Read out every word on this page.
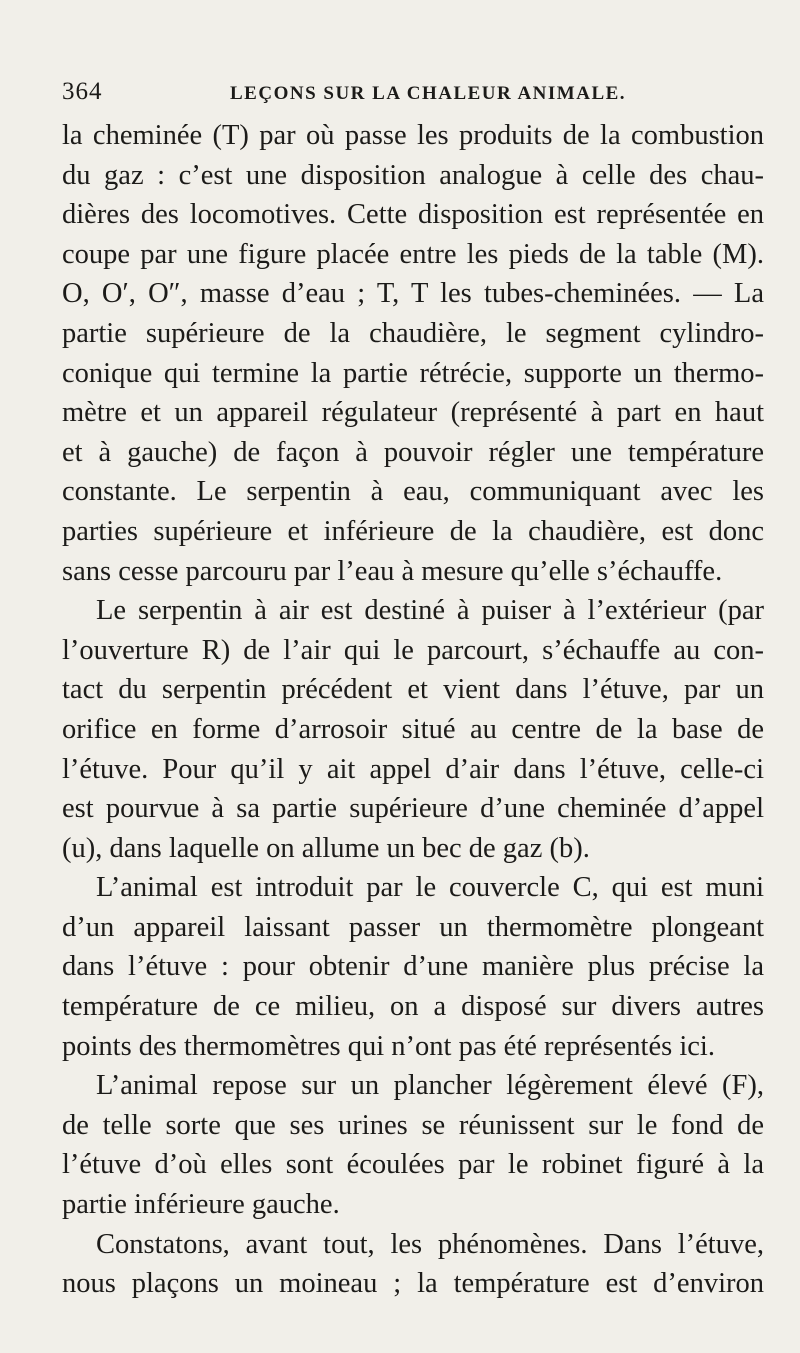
364	LEÇONS SUR LA CHALEUR ANIMALE.
la cheminée (T) par où passe les produits de la combustion
du gaz : c’est une disposition analogue à celle des chau-
dières des locomotives. Cette disposition est représentée en
coupe par une figure placée entre les pieds de la table (M).
O, O′, O″, masse d’eau ; T, T les tubes-cheminées. — La
partie supérieure de la chaudière, le segment cylindro-
conique qui termine la partie rétrécie, supporte un thermo-
mètre et un appareil régulateur (représenté à part en haut
et à gauche) de façon à pouvoir régler une température
constante. Le serpentin à eau, communiquant avec les
parties supérieure et inférieure de la chaudière, est donc
sans cesse parcouru par l’eau à mesure qu’elle s’échauffe.
Le serpentin à air est destiné à puiser à l’extérieur (par
l’ouverture R) de l’air qui le parcourt, s’échauffe au con-
tact du serpentin précédent et vient dans l’étuve, par un
orifice en forme d’arrosoir situé au centre de la base de
l’étuve. Pour qu’il y ait appel d’air dans l’étuve, celle-ci
est pourvue à sa partie supérieure d’une cheminée d’appel
(u), dans laquelle on allume un bec de gaz (b).
L’animal est introduit par le couvercle C, qui est muni
d’un appareil laissant passer un thermomètre plongeant
dans l’étuve : pour obtenir d’une manière plus précise la
température de ce milieu, on a disposé sur divers autres
points des thermomètres qui n’ont pas été représentés ici.
L’animal repose sur un plancher légèrement élevé (F),
de telle sorte que ses urines se réunissent sur le fond de
l’étuve d’où elles sont écoulées par le robinet figuré à la
partie inférieure gauche.
Constatons, avant tout, les phénomènes. Dans l’étuve,
nous plaçons un moineau ; la température est d’environ
